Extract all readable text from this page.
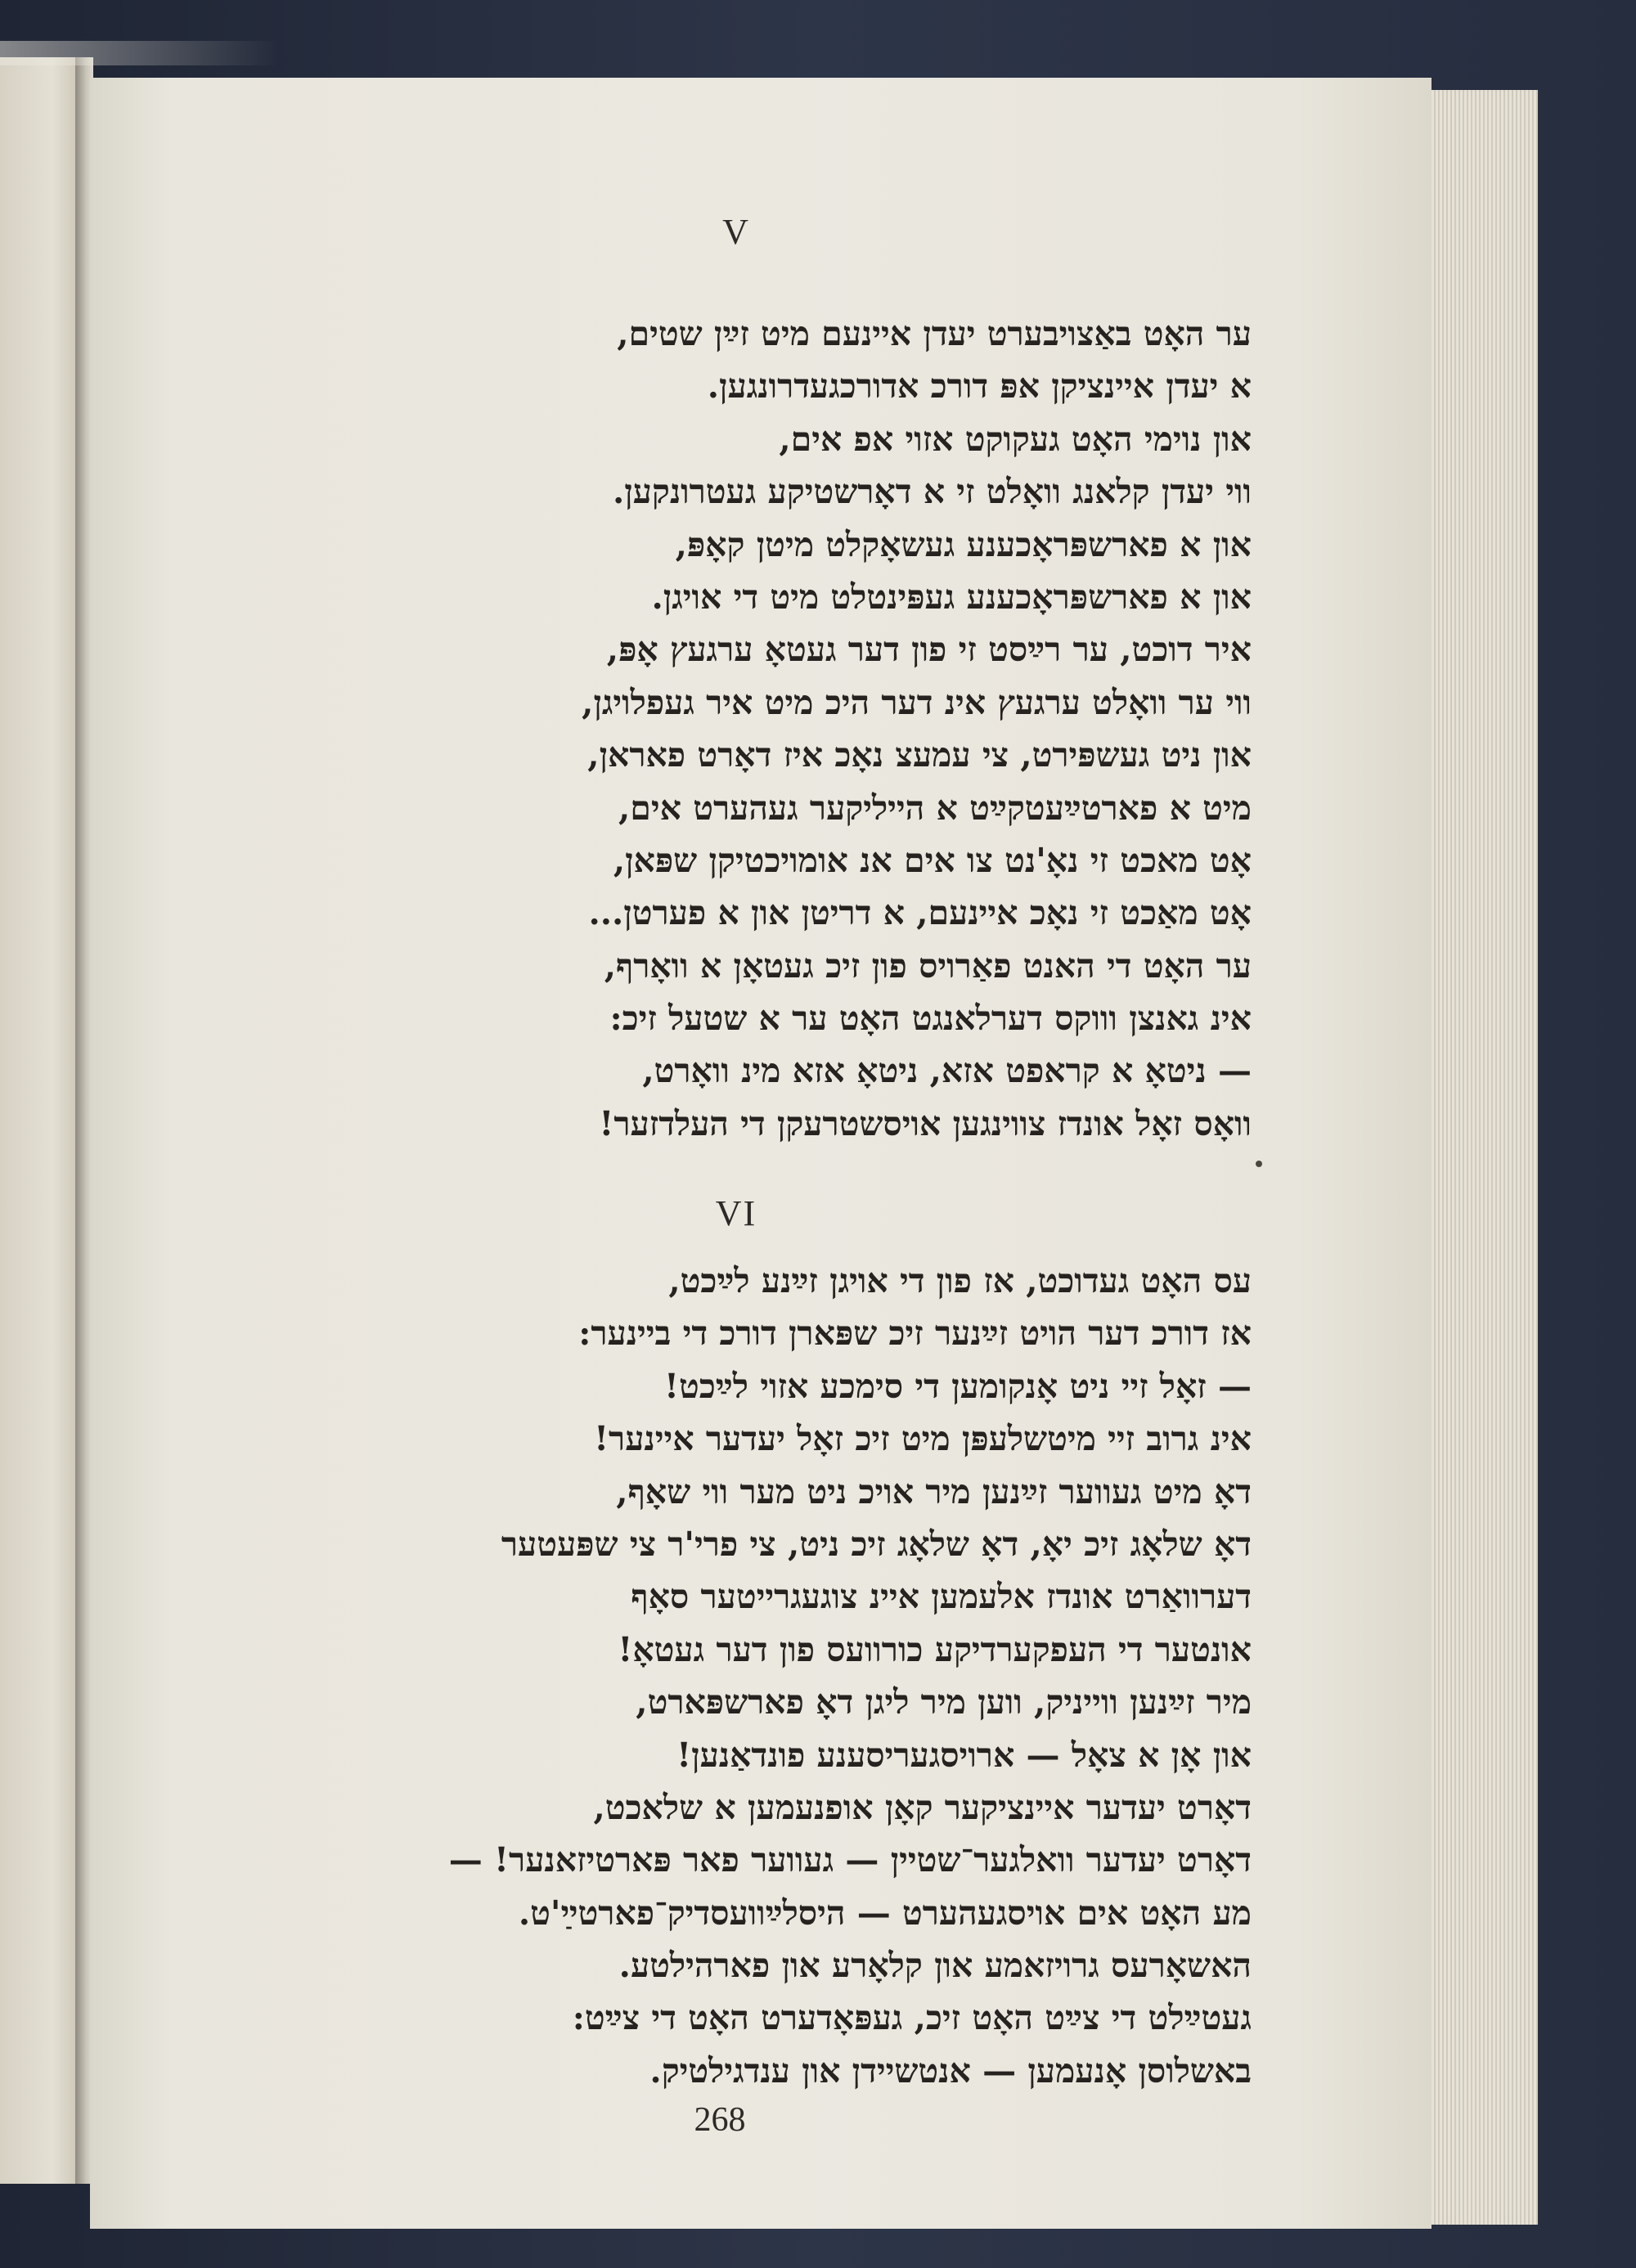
V
ער האָט באַצויבערט יעדן איינעם מיט זײַן שטים,
א יעדן איינציקן אפּ דורכ אדורכגעדרונגען.
און נוימי האָט געקוקט אזוי אפ אים,
ווי יעדן קלאנג וואָלט זי א דאָרשטיקע געטרונקען.
און א פארשפּראָכענע געשאָקלט מיטן קאָפּ,
און א פארשפּראָכענע געפּינטלט מיט די אויגן.
איר דוכט, ער רײַסט זי פון דער געטאָ ערגעץ אָפּ,
ווי ער וואָלט ערגעץ אינ דער היכ מיט איר געפלויגן,
און ניט געשפּירט, צי עמעצ נאָכ איז דאָרט פאראן,
מיט א פארטײַעטקײַט א הייליקער געהערט אים,
אָט מאכט זי נאָ'נט צו אים אנ אומויכטיקן שפּאן,
אָט מאַכט זי נאָכ איינעם, א דריטן און א פערטן...
ער האָט די האנט פאַרויס פון זיכ געטאָן א וואָרף,
אינ גאנצן וווקס דערלאנגט האָט ער א שטעל זיכ:
— ניטאָ א קראפט אזא, ניטאָ אזא מינ וואָרט,
וואָס זאָל אונדז צווינגען אויסשטרעקן די העלדזער!
VI
עס האָט געדוכט, אז פון די אויגן זײַנע לײַכט,
אז דורכ דער הויט זײַנער זיכ שפּארן דורכ די ביינער:
— זאָל זיי ניט אָנקומען די סימכע אזוי לײַכט!
אינ גרוב זיי מיטשלעפּן מיט זיכ זאָל יעדער איינער!
דאָ מיט געווער זײַנען מיר אויכ ניט מער ווי שאָף,
דאָ שלאָג זיכ יאָ, דאָ שלאָג זיכ ניט, צי פרי'ר צי שפּעטער
דערוואַרט אונדז אלעמען איינ צוגעגרייטער סאָף
אונטער די העפקערדיקע כורוועס פון דער געטאָ!
מיר זײַנען ווייניק, ווען מיר ליגן דאָ פארשפּארט,
און אָן א צאָל — ארויסגעריסענע פונדאַנען!
דאָרט יעדער איינציקער קאָן אופנעמען א שלאכט,
דאָרט יעדער וואלגער־שטיין — געווער פאר פּארטיזאנער! —
מע האָט אים אויסגעהערט — היסלײַוועסדיק־פארטײַ'ט.
האשאָרעס גרויזאמע און קלאָרע און פארהילטע.
געטײַלט די צײַט האָט זיכ, געפּאָדערט האָט די צײַט:
באשלוסן אָנעמען — אנטשיידן און ענדגילטיק.
268
